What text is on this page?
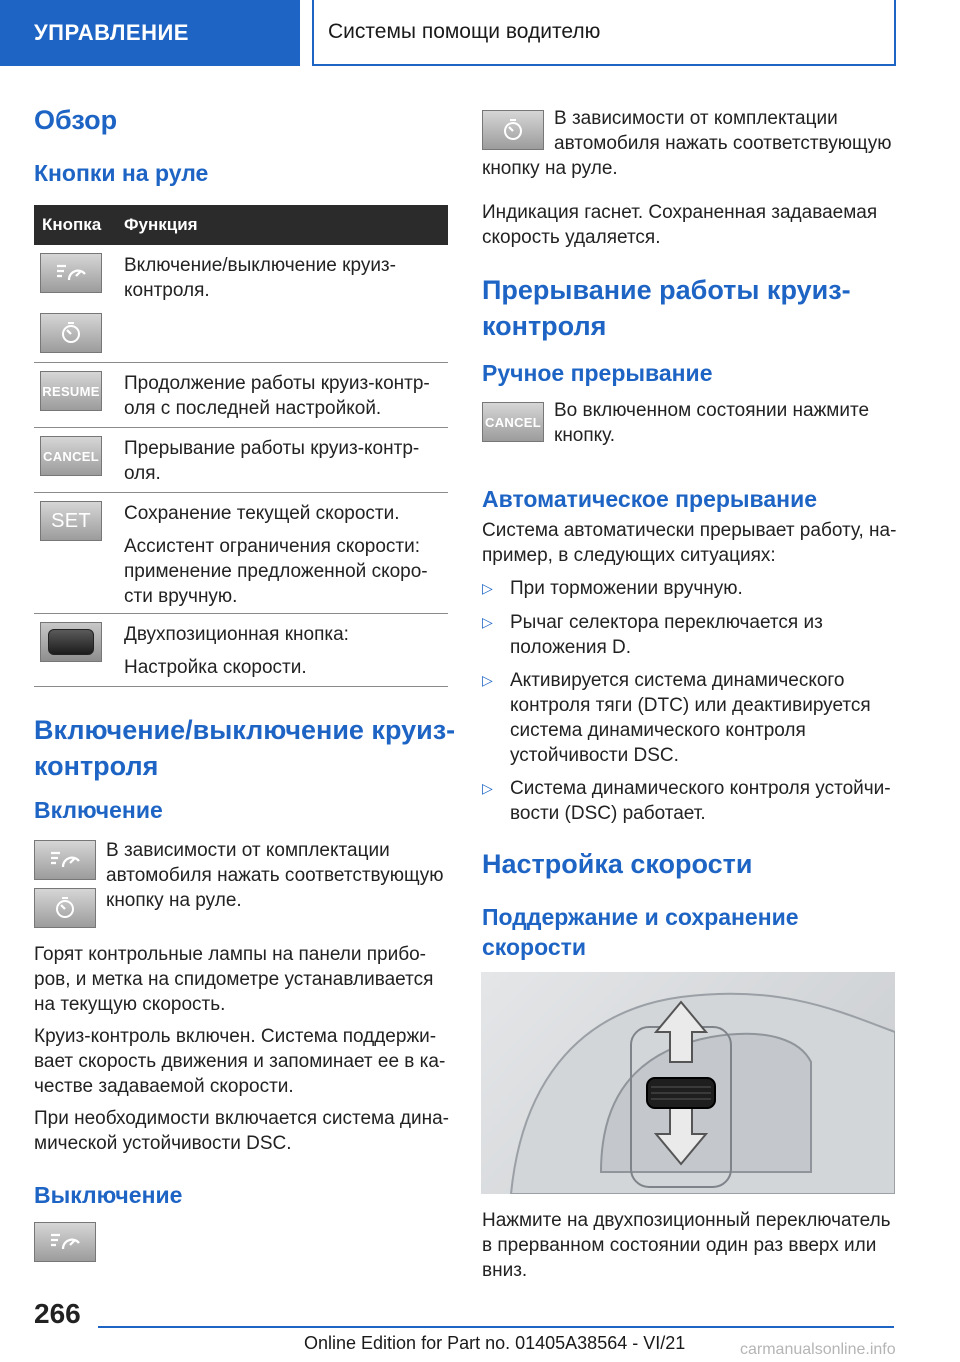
УПРАВЛЕНИЕ	Системы помощи водителю
Обзор
Кнопки на руле
Кнопка Функция
Включение/выключение круиз-
контроля.
RESUME Продолжение работы круиз-контр-
оля с последней настройкой.
CANCEL Прерывание работы круиз-контр-
оля.
SET Сохранение текущей скорости.
Ассистент ограничения скорости:
применение предложенной скоро-
сти вручную.
Двухпозиционная кнопка:
Настройка скорости.
Включение/выключение круиз-
контроля
Включение
В зависимости от комплектации
автомобиля нажать соответствующую
кнопку на руле.
Горят контрольные лампы на панели прибо-
ров, и метка на спидометре устанавливается
на текущую скорость.
Круиз-контроль включен. Система поддержи-
вает скорость движения и запоминает ее в ка-
честве задаваемой скорости.
При необходимости включается система дина-
мической устойчивости DSC.
Выключение
В зависимости от комплектации
автомобиля нажать соответствующую
кнопку на руле.
Индикация гаснет. Сохраненная задаваемая
скорость удаляется.
Прерывание работы круиз-
контроля
Ручное прерывание
CANCEL
Во включенном состоянии нажмите
кнопку.
Автоматическое прерывание
Система автоматически прерывает работу, на-
пример, в следующих ситуациях:
▷ При торможении вручную.
▷ Рычаг селектора переключается из
положения D.
▷ Активируется система динамического
контроля тяги (DTC) или деактивируется
система динамического контроля
устойчивости DSC.
▷ Система динамического контроля устойчи-
вости (DSC) работает.
Настройка скорости
Поддержание и сохранение
скорости
Нажмите на двухпозиционный переключатель
в прерванном состоянии один раз вверх или
вниз.
266
Online Edition for Part no. 01405A38564 - VI/21	carmanualsonline.info
